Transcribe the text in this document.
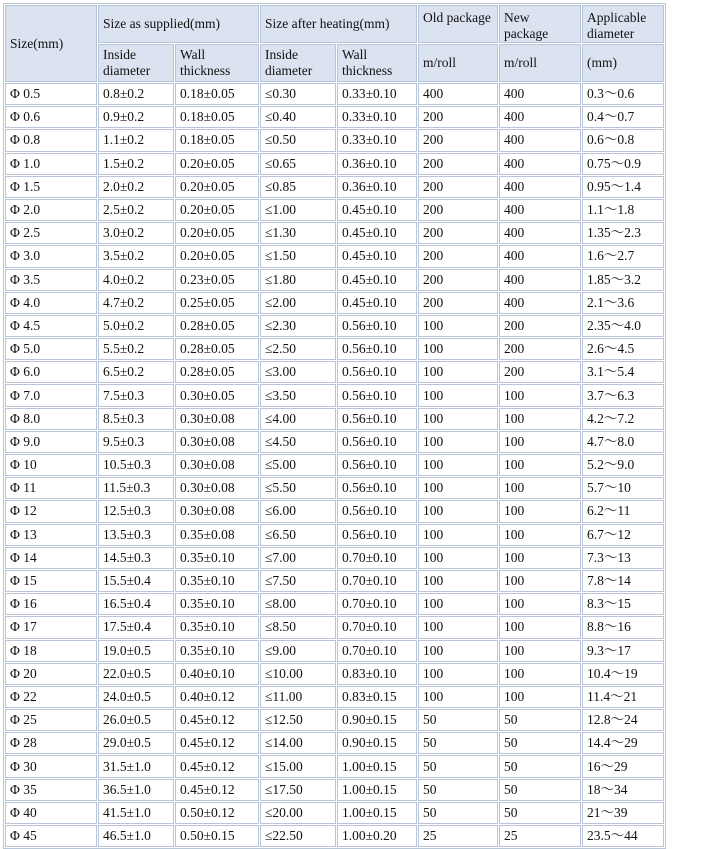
Size(mm)	Size as supplied(mm)		Size after heating(mm)		Old package	New package	Applicable diameter
	Inside diameter	Wall thickness	Inside diameter	Wall thickness	m/roll	m/roll	(mm)
Φ 0.5	0.8±0.2	0.18±0.05	≤0.30	0.33±0.10	400	400	0.3～0.6
Φ 0.6	0.9±0.2	0.18±0.05	≤0.40	0.33±0.10	200	400	0.4～0.7
Φ 0.8	1.1±0.2	0.18±0.05	≤0.50	0.33±0.10	200	400	0.6～0.8
Φ 1.0	1.5±0.2	0.20±0.05	≤0.65	0.36±0.10	200	400	0.75～0.9
Φ 1.5	2.0±0.2	0.20±0.05	≤0.85	0.36±0.10	200	400	0.95～1.4
Φ 2.0	2.5±0.2	0.20±0.05	≤1.00	0.45±0.10	200	400	1.1～1.8
Φ 2.5	3.0±0.2	0.20±0.05	≤1.30	0.45±0.10	200	400	1.35～2.3
Φ 3.0	3.5±0.2	0.20±0.05	≤1.50	0.45±0.10	200	400	1.6～2.7
Φ 3.5	4.0±0.2	0.23±0.05	≤1.80	0.45±0.10	200	400	1.85～3.2
Φ 4.0	4.7±0.2	0.25±0.05	≤2.00	0.45±0.10	200	400	2.1～3.6
Φ 4.5	5.0±0.2	0.28±0.05	≤2.30	0.56±0.10	100	200	2.35～4.0
Φ 5.0	5.5±0.2	0.28±0.05	≤2.50	0.56±0.10	100	200	2.6～4.5
Φ 6.0	6.5±0.2	0.28±0.05	≤3.00	0.56±0.10	100	200	3.1～5.4
Φ 7.0	7.5±0.3	0.30±0.05	≤3.50	0.56±0.10	100	100	3.7～6.3
Φ 8.0	8.5±0.3	0.30±0.08	≤4.00	0.56±0.10	100	100	4.2～7.2
Φ 9.0	9.5±0.3	0.30±0.08	≤4.50	0.56±0.10	100	100	4.7～8.0
Φ 10	10.5±0.3	0.30±0.08	≤5.00	0.56±0.10	100	100	5.2～9.0
Φ 11	11.5±0.3	0.30±0.08	≤5.50	0.56±0.10	100	100	5.7～10
Φ 12	12.5±0.3	0.30±0.08	≤6.00	0.56±0.10	100	100	6.2～11
Φ 13	13.5±0.3	0.35±0.08	≤6.50	0.56±0.10	100	100	6.7～12
Φ 14	14.5±0.3	0.35±0.10	≤7.00	0.70±0.10	100	100	7.3～13
Φ 15	15.5±0.4	0.35±0.10	≤7.50	0.70±0.10	100	100	7.8～14
Φ 16	16.5±0.4	0.35±0.10	≤8.00	0.70±0.10	100	100	8.3～15
Φ 17	17.5±0.4	0.35±0.10	≤8.50	0.70±0.10	100	100	8.8～16
Φ 18	19.0±0.5	0.35±0.10	≤9.00	0.70±0.10	100	100	9.3～17
Φ 20	22.0±0.5	0.40±0.10	≤10.00	0.83±0.10	100	100	10.4～19
Φ 22	24.0±0.5	0.40±0.12	≤11.00	0.83±0.15	100	100	11.4～21
Φ 25	26.0±0.5	0.45±0.12	≤12.50	0.90±0.15	50	50	12.8～24
Φ 28	29.0±0.5	0.45±0.12	≤14.00	0.90±0.15	50	50	14.4～29
Φ 30	31.5±1.0	0.45±0.12	≤15.00	1.00±0.15	50	50	16～29
Φ 35	36.5±1.0	0.45±0.12	≤17.50	1.00±0.15	50	50	18～34
Φ 40	41.5±1.0	0.50±0.12	≤20.00	1.00±0.15	50	50	21～39
Φ 45	46.5±1.0	0.50±0.15	≤22.50	1.00±0.20	25	25	23.5～44
